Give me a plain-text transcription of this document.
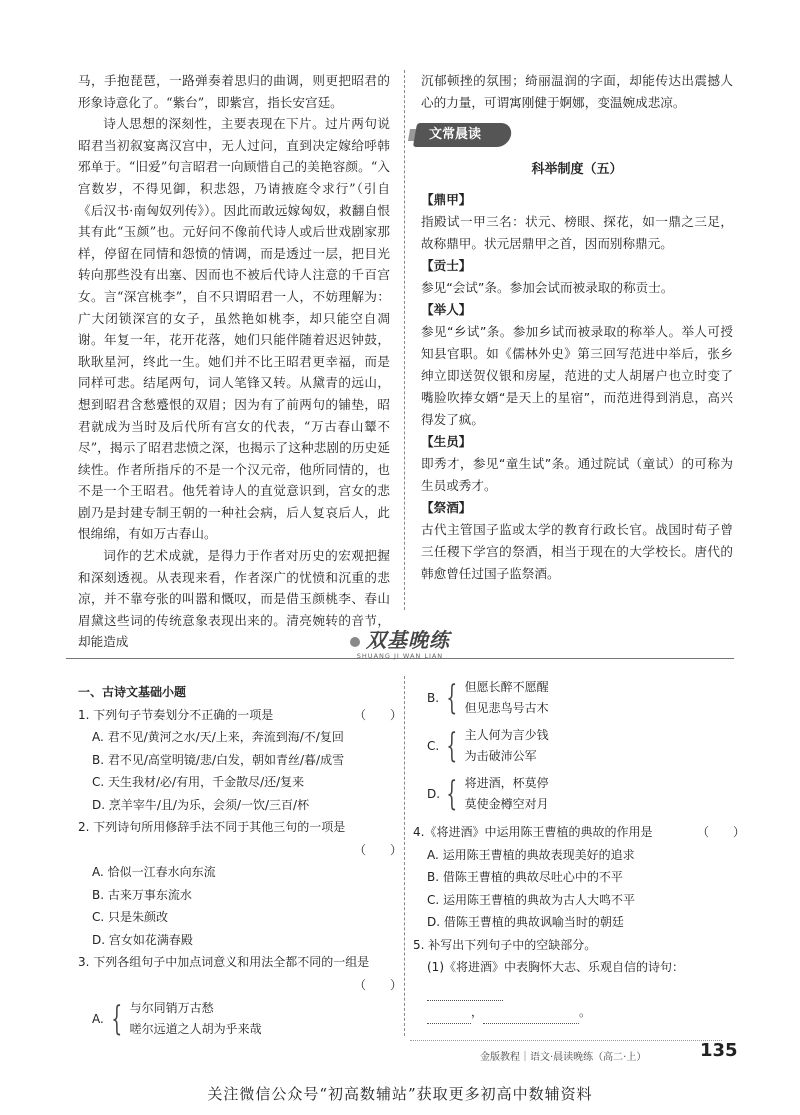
马，手抱琵琶，一路弹奏着思归的曲调，则更把昭君的形象诗意化了。“紫台”，即紫宫，指长安宫廷。

诗人思想的深刻性，主要表现在下片。过片两句说昭君当初叙宴离汉宫中，无人过问，直到决定嫁给呼韩邪单于。“旧爱”句言昭君一向顾惜自己的美艳容颜。“入宫数岁，不得见御，积悲怨，乃请掖庭令求行”（引自《后汉书·南匈奴列传》）。因此而敢远嫁匈奴，救翻自恨其有此“玉颜”也。元好问不像前代诗人或后世戏剧家那样，停留在同情和怨愤的情调，而是透过一层，把目光转向那些没有出塞、因而也不被后代诗人注意的千百宫女。言“深宫桃李”，自不只谓昭君一人，不妨理解为：广大闭锁深宫的女子，虽然艳如桃李，却只能空自凋谢。年复一年，花开花落，她们只能伴随着迟迟钟鼓，耿耿星河，终此一生。她们并不比王昭君更幸福，而是同样可悲。结尾两句，词人笔锋又转。从黛青的远山，想到昭君含愁蹙恨的双眉；因为有了前两句的铺垫，昭君就成为当时及后代所有宫女的代表，“万古春山颦不尽”，揭示了昭君悲愤之深，也揭示了这种悲剧的历史延续性。作者所指斥的不是一个汉元帝，他所同情的，也不是一个王昭君。他凭着诗人的直觉意识到，宫女的悲剧乃是封建专制王朝的一种社会病，后人复哀后人，此恨绵绵，有如万古春山。

词作的艺术成就，是得力于作者对历史的宏观把握和深刻透视。从表现来看，作者深广的忧愤和沉重的悲凉，并不靠夸张的叫嚣和慨叹，而是借玉颜桃李、春山眉黛这些词的传统意象表现出来的。清亮婉转的音节，却能造成

沉郁顿挫的氛围；绮丽温润的字面，却能传达出震撼人心的力量，可谓寓刚健于婀娜，变温婉成悲凉。

文常晨读
科举制度（五）
【鼎甲】

指殿试一甲三名：状元、榜眼、探花，如一鼎之三足，故称鼎甲。状元居鼎甲之首，因而别称鼎元。

【贡士】

参见“会试”条。参加会试而被录取的称贡士。

【举人】

参见“乡试”条。参加乡试而被录取的称举人。举人可授知县官职。如《儒林外史》第三回写范进中举后，张乡绅立即送贺仪银和房屋，范进的丈人胡屠户也立时变了嘴脸吹捧女婿“是天上的星宿”，而范进得到消息，高兴得发了疯。

【生员】

即秀才，参见“童生试”条。通过院试（童试）的可称为生员或秀才。

【祭酒】

古代主管国子监或太学的教育行政长官。战国时荀子曾三任稷下学宫的祭酒，相当于现在的大学校长。唐代的韩愈曾任过国子监祭酒。

双基晚练
SHUANG JI WAN LIAN
一、古诗文基础小题
1. 下列句子节奏划分不正确的一项是	（　　）
A. 君不见/黄河之水/天/上来，奔流到海/不/复回
B. 君不见/高堂明镜/悲/白发，朝如青丝/暮/成雪
C. 天生我材/必/有用，千金散尽/还/复来
D. 烹羊宰牛/且/为乐，会须/一饮/三百/杯
2. 下列诗句所用修辞手法不同于其他三句的一项是
（　　）
A. 恰似一江春水向东流
B. 古来万事东流水
C. 只是朱颜改
D. 宫女如花满春殿
3. 下列各组句子中加点词意义和用法全都不同的一组是
（　　）
A. { 与尔同销万古愁
嗟尔远道之人胡为乎来哉
B. { 但愿长醉不愿醒
但见悲鸟号古木
C. { 主人何为言少钱
为击破沛公军
D. { 将进酒，杯莫停
莫使金樽空对月
4.《将进酒》中运用陈王曹植的典故的作用是	（　　）
A. 运用陈王曹植的典故表现美好的追求
B. 借陈王曹植的典故尽吐心中的不平
C. 运用陈王曹植的典故为古人大鸣不平
D. 借陈王曹植的典故讽喻当时的朝廷
5. 补写出下列句子中的空缺部分。
(1)《将进酒》中表胸怀大志、乐观自信的诗句：
，	。
金版教程｜语文·晨读晚练（高二·上）	135
关注微信公众号“初高数辅站”获取更多初高中数辅资料
